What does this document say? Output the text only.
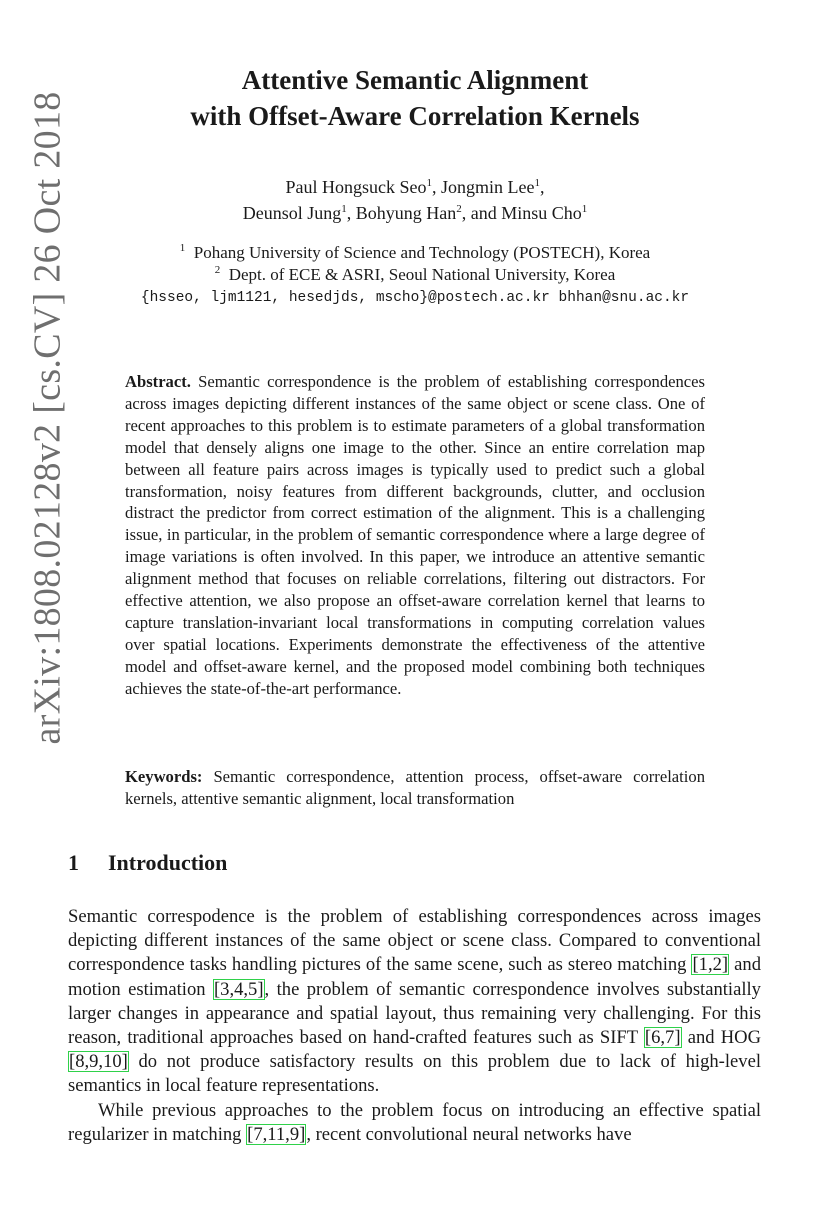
arXiv:1808.02128v2 [cs.CV] 26 Oct 2018
Attentive Semantic Alignment
with Offset-Aware Correlation Kernels
Paul Hongsuck Seo$^1$, Jongmin Lee$^1$,
Deunsol Jung$^1$, Bohyung Han$^2$, and Minsu Cho$^1$
$^1$ Pohang University of Science and Technology (POSTECH), Korea
$^2$ Dept. of ECE & ASRI, Seoul National University, Korea
{hsseo, ljm1121, hesedjds, mscho}@postech.ac.kr bhhan@snu.ac.kr
Abstract. Semantic correspondence is the problem of establishing correspondences across images depicting different instances of the same object or scene class. One of recent approaches to this problem is to estimate parameters of a global transformation model that densely aligns one image to the other. Since an entire correlation map between all feature pairs across images is typically used to predict such a global transformation, noisy features from different backgrounds, clutter, and occlusion distract the predictor from correct estimation of the alignment. This is a challenging issue, in particular, in the problem of semantic correspondence where a large degree of image variations is often involved. In this paper, we introduce an attentive semantic alignment method that focuses on reliable correlations, filtering out distractors. For effective attention, we also propose an offset-aware correlation kernel that learns to capture translation-invariant local transformations in computing correlation values over spatial locations. Experiments demonstrate the effectiveness of the attentive model and offset-aware kernel, and the proposed model combining both techniques achieves the state-of-the-art performance.
Keywords: Semantic correspondence, attention process, offset-aware correlation kernels, attentive semantic alignment, local transformation
1 Introduction

Semantic correspodence is the problem of establishing correspondences across images depicting different instances of the same object or scene class. Compared to conventional correspondence tasks handling pictures of the same scene, such as stereo matching [1,2] and motion estimation [3,4,5], the problem of semantic correspondence involves substantially larger changes in appearance and spatial layout, thus remaining very challenging. For this reason, traditional approaches based on hand-crafted features such as SIFT [6,7] and HOG [8,9,10] do not produce satisfactory results on this problem due to lack of high-level semantics in local feature representations.

While previous approaches to the problem focus on introducing an effective spatial regularizer in matching [7,11,9], recent convolutional neural networks have
